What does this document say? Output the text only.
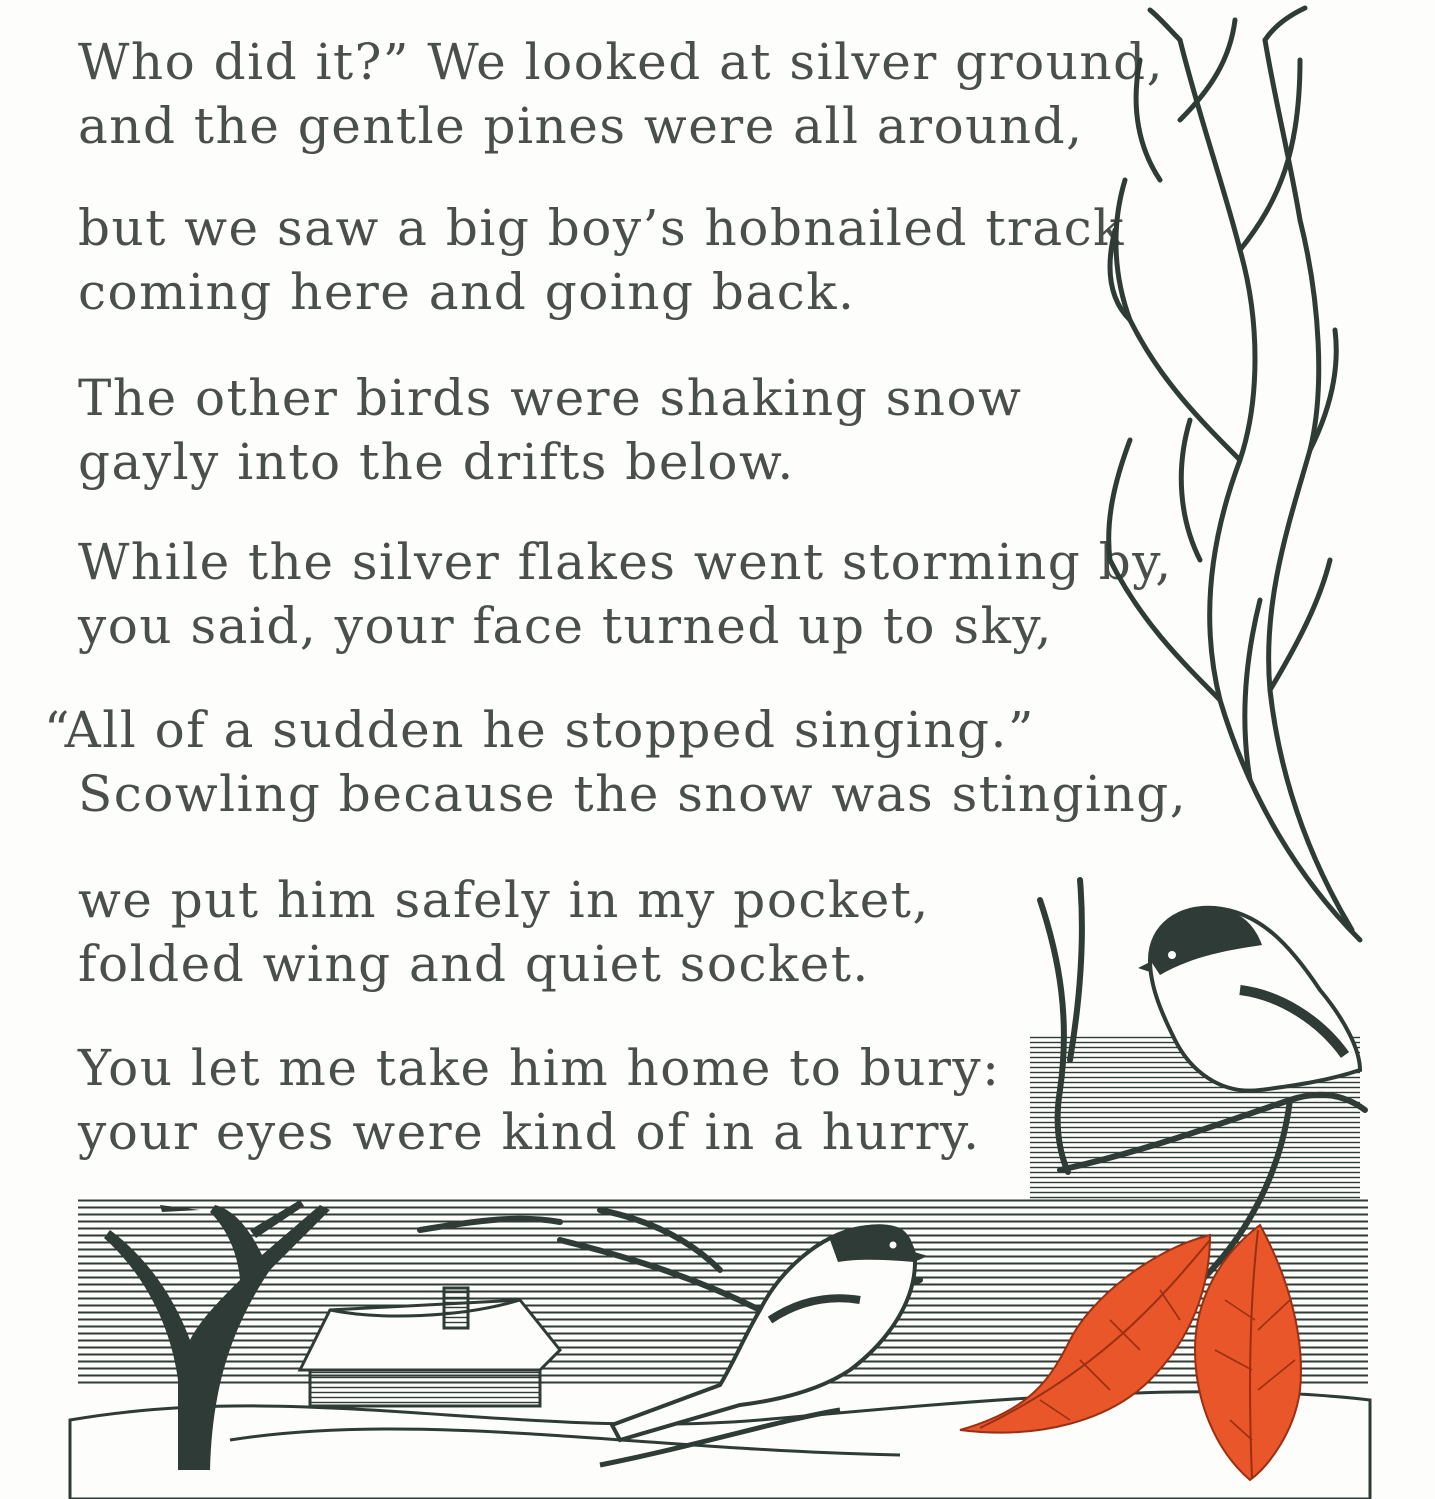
Who did it?” We looked at silver ground,
and the gentle pines were all around,
but we saw a big boy’s hobnailed track
coming here and going back.
The other birds were shaking snow
gayly into the drifts below.
While the silver flakes went storming by,
you said, your face turned up to sky,
“All of a sudden he stopped singing.”
Scowling because the snow was stinging,
we put him safely in my pocket,
folded wing and quiet socket.
You let me take him home to bury:
your eyes were kind of in a hurry.
